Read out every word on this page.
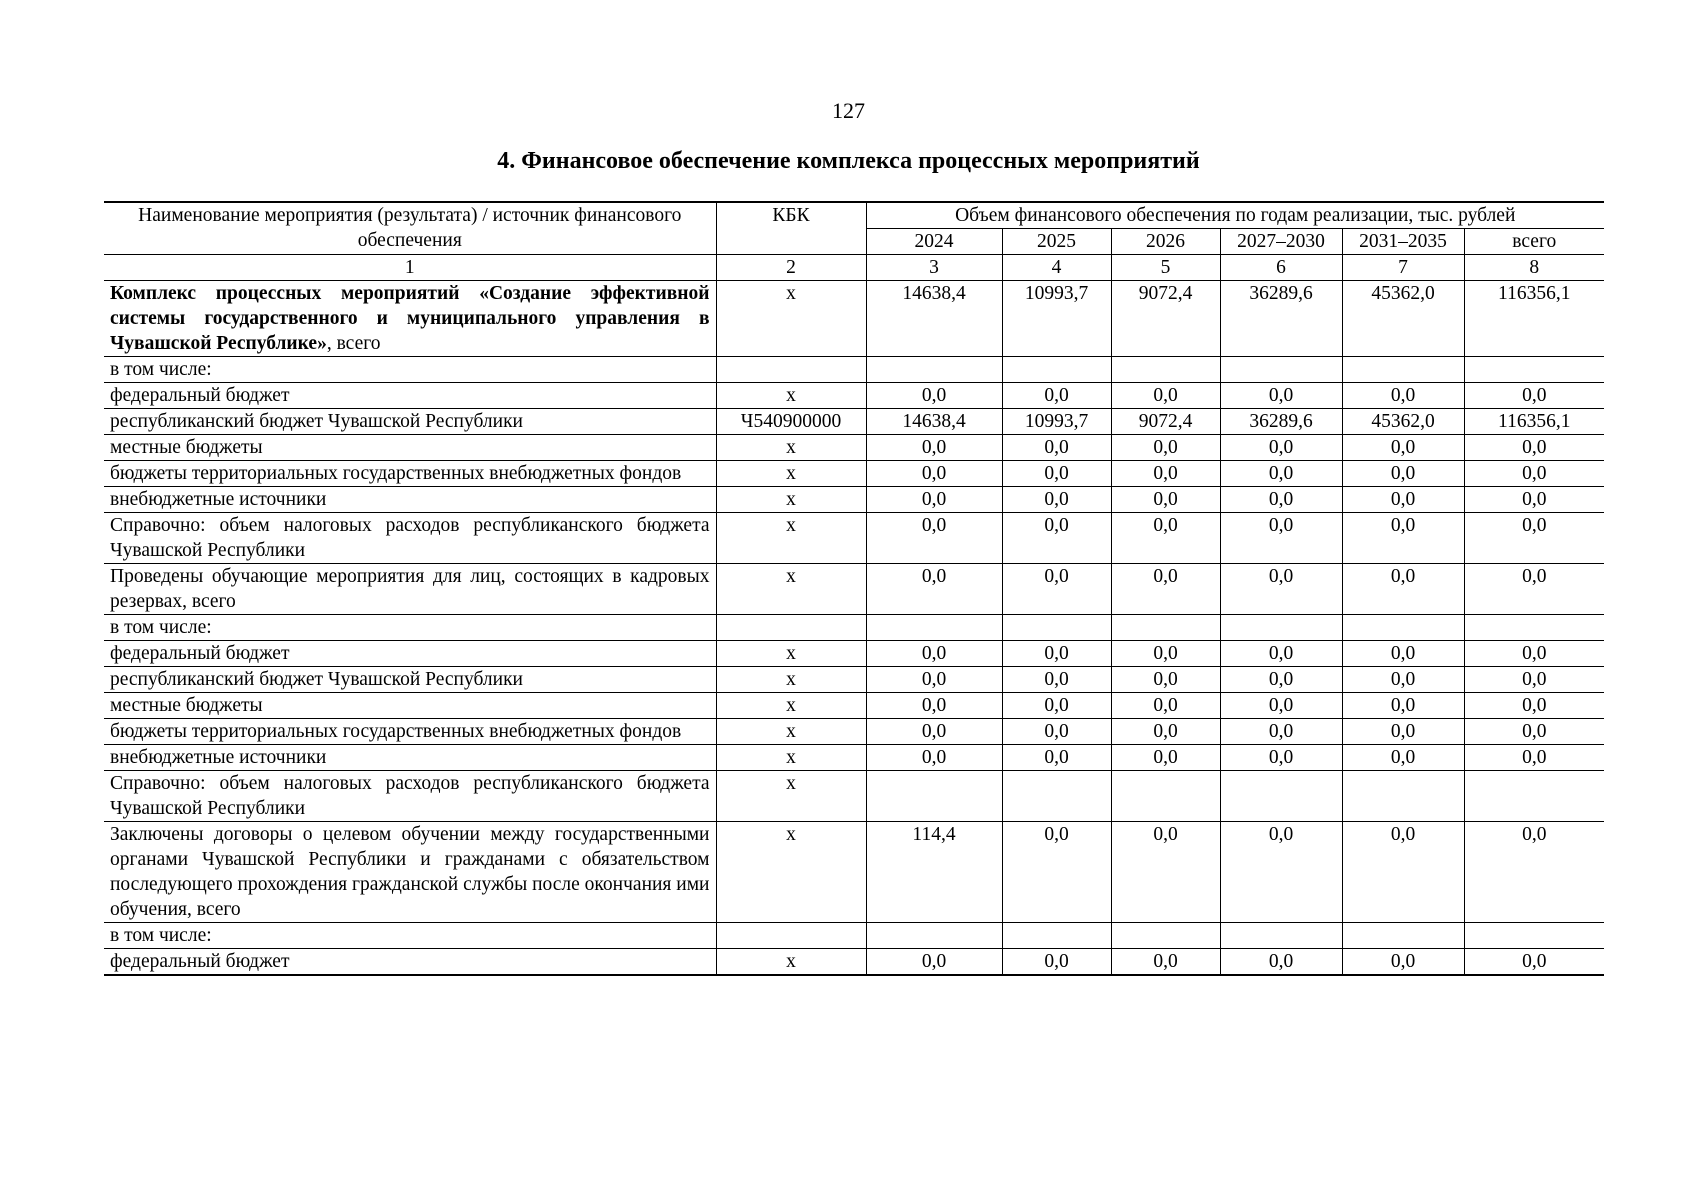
127
4. Финансовое обеспечение комплекса процессных мероприятий
Наименование мероприятия (результата) / источник финансового обеспечения	КБК	Объем финансового обеспечения по годам реализации, тыс. рублей					
		2024	2025	2026	2027–2030	2031–2035	всего
1	2	3	4	5	6	7	8
Комплекс процессных мероприятий «Создание эффективной системы государственного и муниципального управления в Чувашской Республике», всего	х	14638,4	10993,7	9072,4	36289,6	45362,0	116356,1
в том числе:							
федеральный бюджет	х	0,0	0,0	0,0	0,0	0,0	0,0
республиканский бюджет Чувашской Республики	Ч540900000	14638,4	10993,7	9072,4	36289,6	45362,0	116356,1
местные бюджеты	х	0,0	0,0	0,0	0,0	0,0	0,0
бюджеты территориальных государственных внебюджетных фондов	х	0,0	0,0	0,0	0,0	0,0	0,0
внебюджетные источники	х	0,0	0,0	0,0	0,0	0,0	0,0
Справочно: объем налоговых расходов республиканского бюджета Чувашской Республики	х	0,0	0,0	0,0	0,0	0,0	0,0
Проведены обучающие мероприятия для лиц, состоящих в кадровых резервах, всего	х	0,0	0,0	0,0	0,0	0,0	0,0
в том числе:							
федеральный бюджет	х	0,0	0,0	0,0	0,0	0,0	0,0
республиканский бюджет Чувашской Республики	х	0,0	0,0	0,0	0,0	0,0	0,0
местные бюджеты	х	0,0	0,0	0,0	0,0	0,0	0,0
бюджеты территориальных государственных внебюджетных фондов	х	0,0	0,0	0,0	0,0	0,0	0,0
внебюджетные источники	х	0,0	0,0	0,0	0,0	0,0	0,0
Справочно: объем налоговых расходов республиканского бюджета Чувашской Республики	х						
Заключены договоры о целевом обучении между государственными органами Чувашской Республики и гражданами с обязательством последующего прохождения гражданской службы после окончания ими обучения, всего	х	114,4	0,0	0,0	0,0	0,0	0,0
в том числе:							
федеральный бюджет	х	0,0	0,0	0,0	0,0	0,0	0,0
